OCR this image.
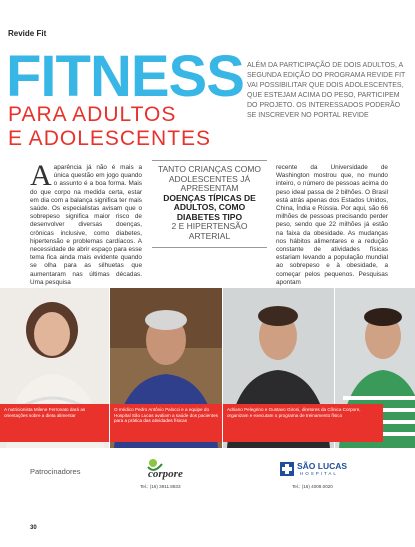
Revide Fit
FITNESS
PARA ADULTOS
E ADOLESCENTES
ALÉM DA PARTICIPAÇÃO DE DOIS ADULTOS, A SEGUNDA EDIÇÃO DO PROGRAMA REVIDE FIT VAI POSSIBILITAR QUE DOIS ADOLESCENTES, QUE ESTEJAM ACIMA DO PESO, PARTICIPEM DO PROJETO. OS INTERESSADOS PODERÃO SE INSCREVER NO PORTAL REVIDE
Aaparência já não é mais a única questão em jogo quando o assunto é a boa forma. Mais do que corpo na medida certa, estar em dia com a balança significa ter mais saúde. Os especialistas avisam que o sobrepeso significa maior risco de desenvolver diversas doenças, crônicas inclusive, como diabetes, hipertensão e problemas cardíacos. A necessidade de abrir espaço para esse tema fica ainda mais evidente quando se olha para as silhuetas que aumentaram nas últimas décadas. Uma pesquisa
TANTO CRIANÇAS COMO ADOLESCENTES JÁ APRESENTAM
DOENÇAS TÍPICAS DE ADULTOS, COMO DIABETES TIPO
2 E HIPERTENSÃO ARTERIAL
recente da Universidade de Washington mostrou que, no mundo inteiro, o número de pessoas acima do peso ideal passa de 2 bilhões. O Brasil está atrás apenas dos Estados Unidos, China, Índia e Rússia. Por aqui, são 66 milhões de pessoas precisando perder peso, sendo que 22 milhões já estão na faixa da obesidade. As mudanças nos hábitos alimentares e a redução constante de atividades físicas estariam levando a população mundial ao sobrepeso e à obesidade, a começar pelos pequenos. Pesquisas apontam
A nutricionista Milene Ferronato dará as orientações sobre a dieta alimentar
O médico Pedro Antônio Palocci e a equipe do Hospital São Lucas avaliam a saúde dos pacientes para a prática das atividades físicas
Adriano Pelegrino e Gustavo Gironi, diretores da Clínica Corpore, organizam e executam o programa de treinamento físico
Patrocinadores	corpore
Tel.: (16) 3911.8833
SÃO LUCAS
HOSPITAL
Tel.: (16) 4009.0020
30
